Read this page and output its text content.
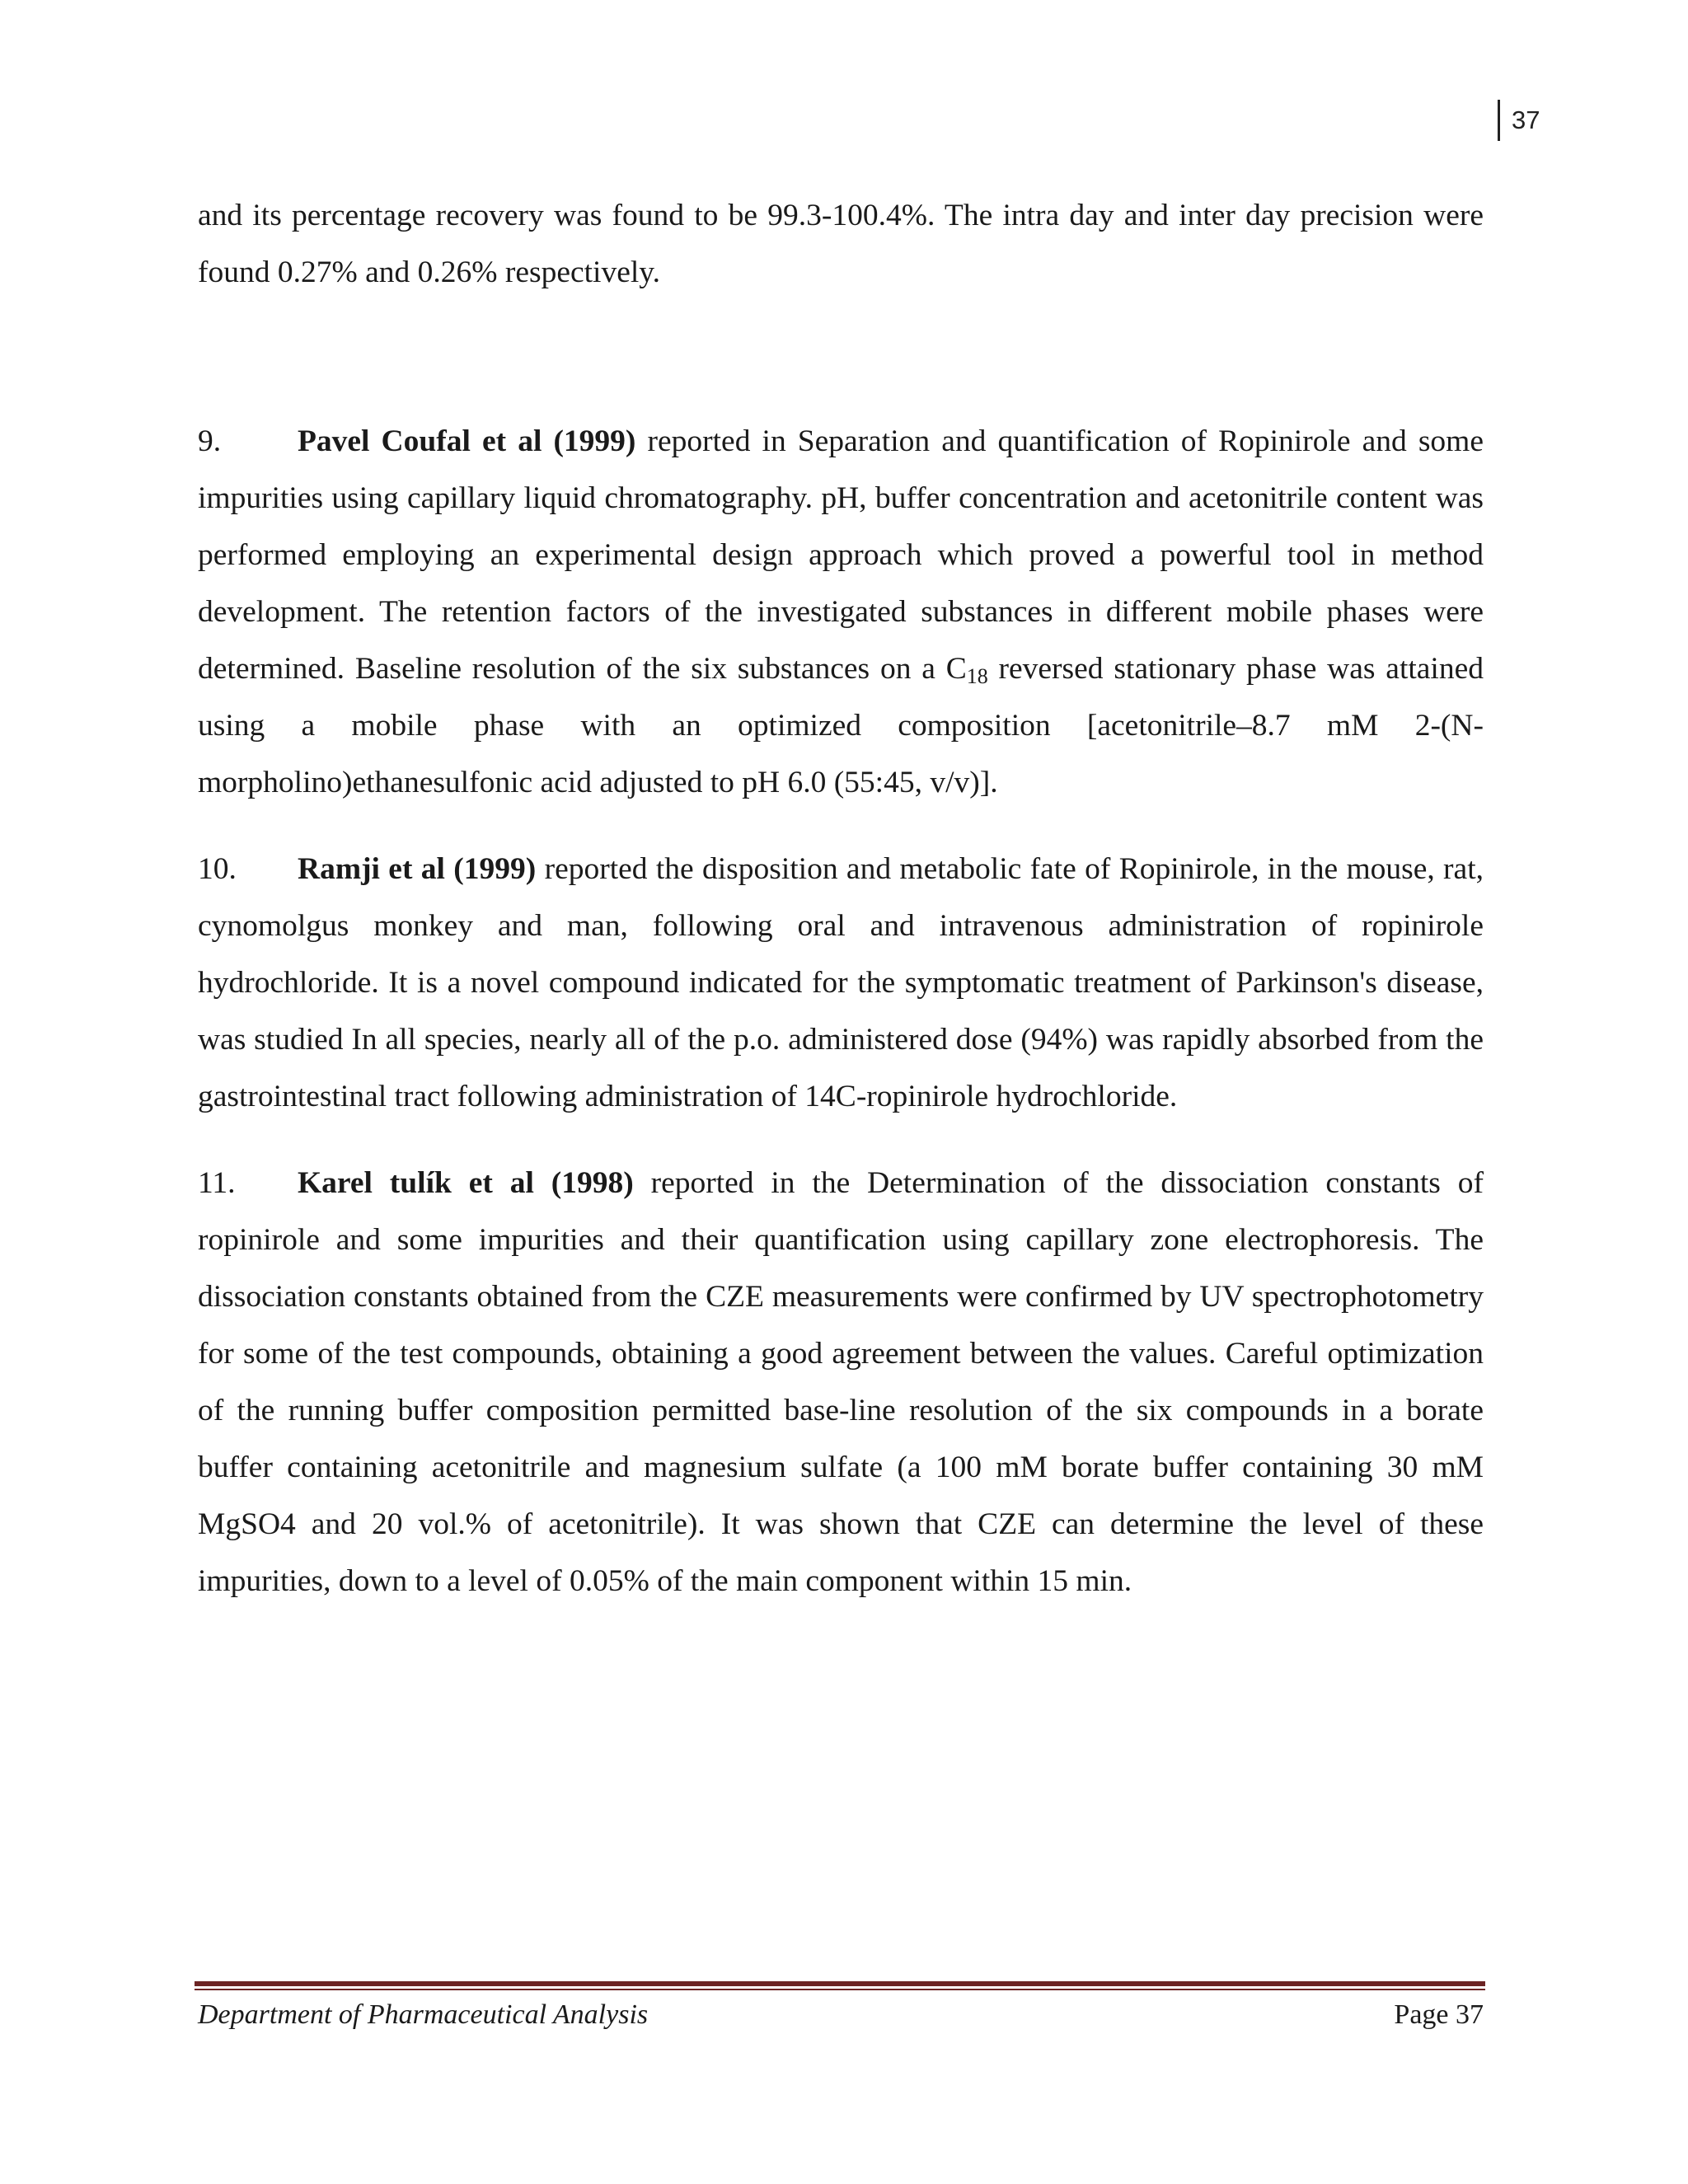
37

and its percentage recovery was found to be 99.3-100.4%. The intra day and inter day precision were found 0.27% and 0.26% respectively.

9. Pavel Coufal et al (1999) reported in Separation and quantification of Ropinirole and some impurities using capillary liquid chromatography. pH, buffer concentration and acetonitrile content was performed employing an experimental design approach which proved a powerful tool in method development. The retention factors of the investigated substances in different mobile phases were determined. Baseline resolution of the six substances on a $C_{18}$ reversed stationary phase was attained using a mobile phase with an optimized composition [acetonitrile–8.7 mM 2-(N-morpholino)ethanesulfonic acid adjusted to pH 6.0 (55:45, v/v)].

10. Ramji et al (1999) reported the disposition and metabolic fate of Ropinirole, in the mouse, rat, cynomolgus monkey and man, following oral and intravenous administration of ropinirole hydrochloride. It is a novel compound indicated for the symptomatic treatment of Parkinson's disease, was studied In all species, nearly all of the p.o. administered dose (94%) was rapidly absorbed from the gastrointestinal tract following administration of 14C-ropinirole hydrochloride.

11. Karel tulík et al (1998) reported in the Determination of the dissociation constants of ropinirole and some impurities and their quantification using capillary zone electrophoresis. The dissociation constants obtained from the CZE measurements were confirmed by UV spectrophotometry for some of the test compounds, obtaining a good agreement between the values. Careful optimization of the running buffer composition permitted base-line resolution of the six compounds in a borate buffer containing acetonitrile and magnesium sulfate (a 100 mM borate buffer containing 30 mM MgSO4 and 20 vol.% of acetonitrile). It was shown that CZE can determine the level of these impurities, down to a level of 0.05% of the main component within 15 min.

Department of Pharmaceutical Analysis	Page 37
